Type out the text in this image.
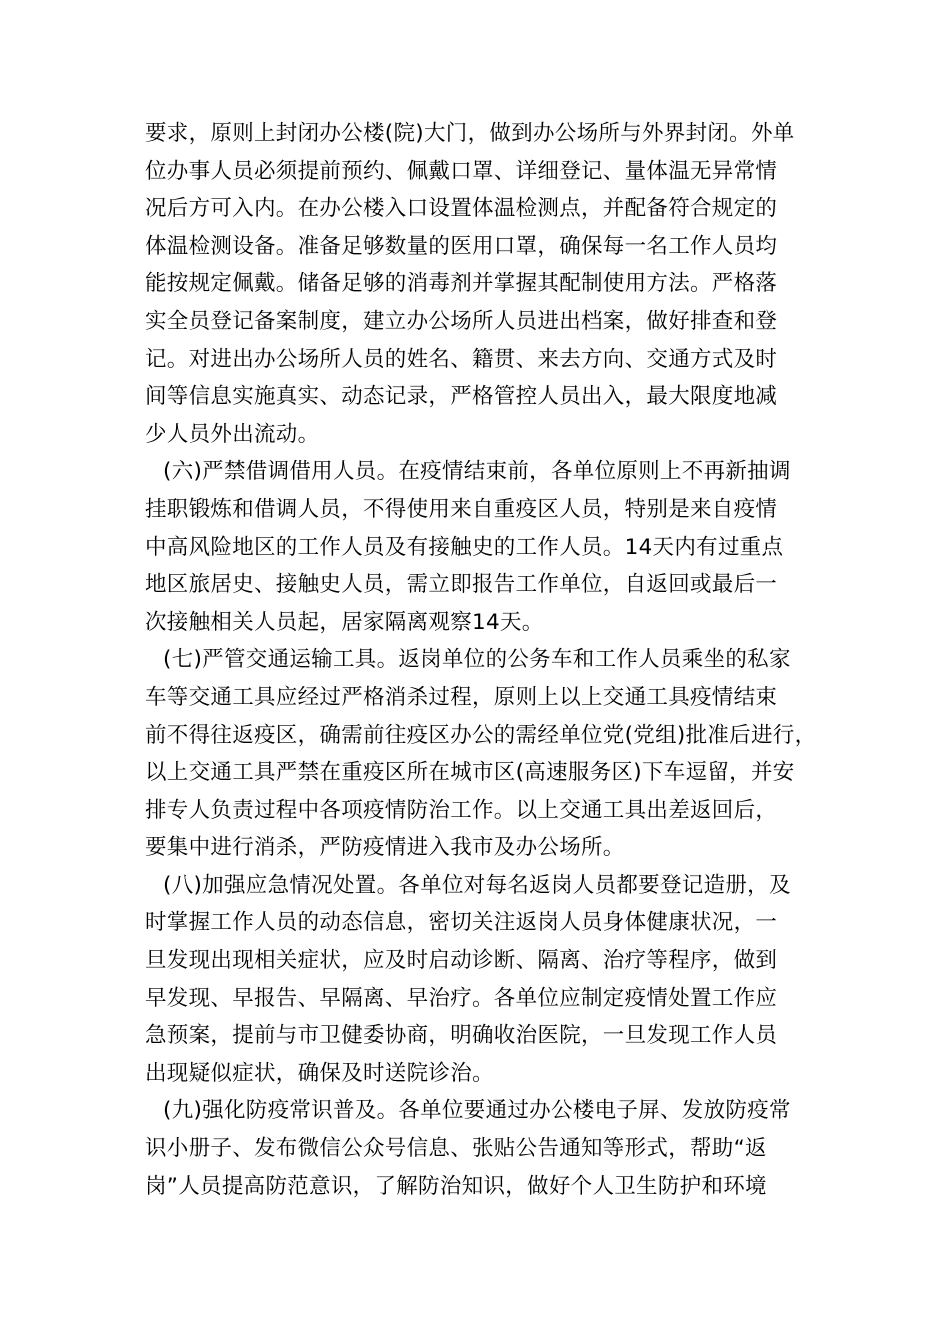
要求，原则上封闭办公楼(院)大门，做到办公场所与外界封闭。外单
位办事人员必须提前预约、佩戴口罩、详细登记、量体温无异常情
况后方可入内。在办公楼入口设置体温检测点，并配备符合规定的
体温检测设备。准备足够数量的医用口罩，确保每一名工作人员均
能按规定佩戴。储备足够的消毒剂并掌握其配制使用方法。严格落
实全员登记备案制度，建立办公场所人员进出档案，做好排查和登
记。对进出办公场所人员的姓名、籍贯、来去方向、交通方式及时
间等信息实施真实、动态记录，严格管控人员出入，最大限度地减
少人员外出流动。
(六)严禁借调借用人员。在疫情结束前，各单位原则上不再新抽调
挂职锻炼和借调人员，不得使用来自重疫区人员，特别是来自疫情
中高风险地区的工作人员及有接触史的工作人员。14天内有过重点
地区旅居史、接触史人员，需立即报告工作单位，自返回或最后一
次接触相关人员起，居家隔离观察14天。
(七)严管交通运输工具。返岗单位的公务车和工作人员乘坐的私家
车等交通工具应经过严格消杀过程，原则上以上交通工具疫情结束
前不得往返疫区，确需前往疫区办公的需经单位党(党组)批准后进行，
以上交通工具严禁在重疫区所在城市区(高速服务区)下车逗留，并安
排专人负责过程中各项疫情防治工作。以上交通工具出差返回后，
要集中进行消杀，严防疫情进入我市及办公场所。
(八)加强应急情况处置。各单位对每名返岗人员都要登记造册，及
时掌握工作人员的动态信息，密切关注返岗人员身体健康状况，一
旦发现出现相关症状，应及时启动诊断、隔离、治疗等程序，做到
早发现、早报告、早隔离、早治疗。各单位应制定疫情处置工作应
急预案，提前与市卫健委协商，明确收治医院，一旦发现工作人员
出现疑似症状，确保及时送院诊治。
(九)强化防疫常识普及。各单位要通过办公楼电子屏、发放防疫常
识小册子、发布微信公众号信息、张贴公告通知等形式，帮助“返
岗”人员提高防范意识，了解防治知识，做好个人卫生防护和环境
